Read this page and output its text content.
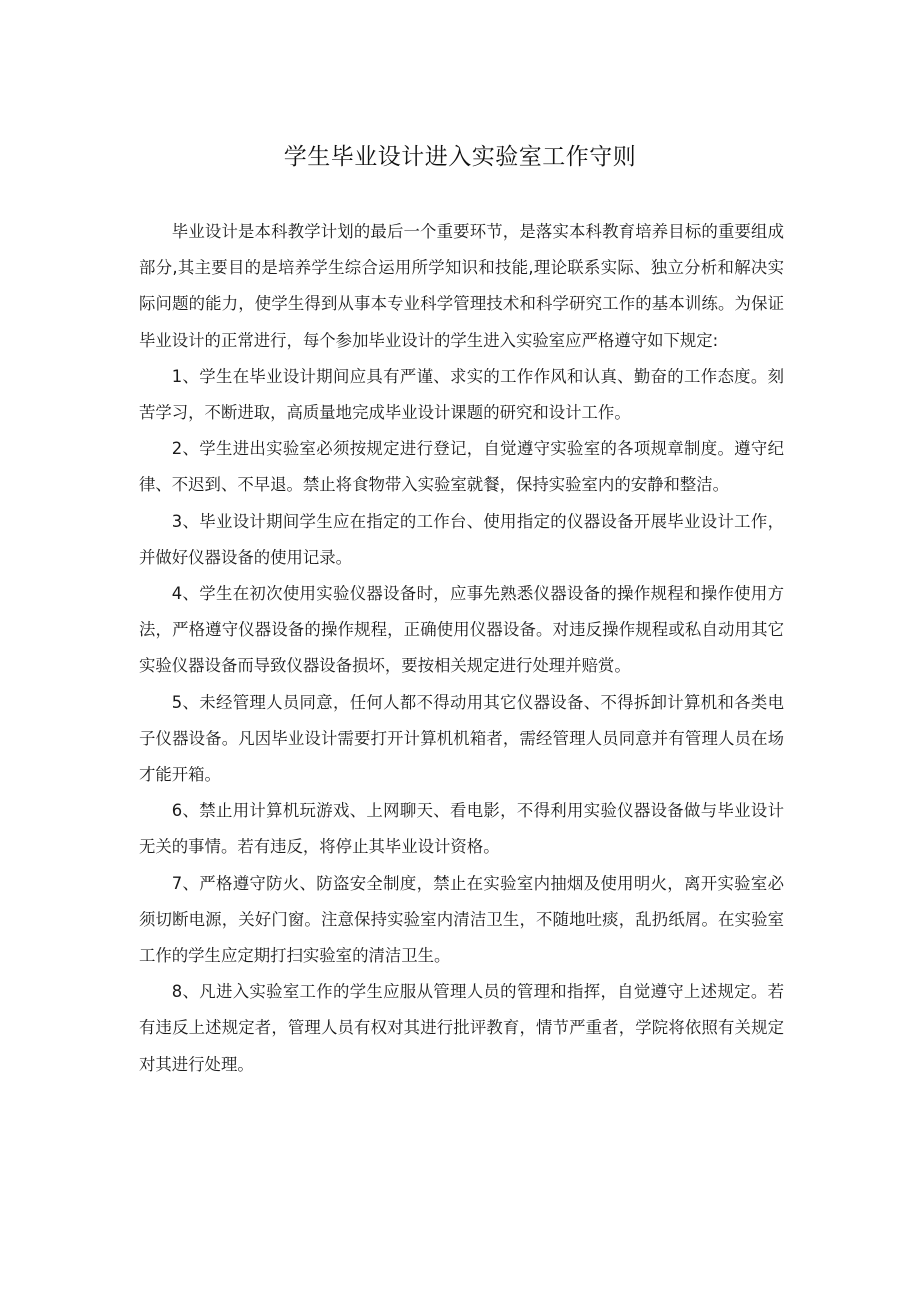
学生毕业设计进入实验室工作守则

毕业设计是本科教学计划的最后一个重要环节，是落实本科教育培养目标的重要组成部分,其主要目的是培养学生综合运用所学知识和技能,理论联系实际、独立分析和解决实际问题的能力，使学生得到从事本专业科学管理技术和科学研究工作的基本训练。为保证毕业设计的正常进行，每个参加毕业设计的学生进入实验室应严格遵守如下规定:

1、学生在毕业设计期间应具有严谨、求实的工作作风和认真、勤奋的工作态度。刻苦学习，不断进取，高质量地完成毕业设计课题的研究和设计工作。

2、学生进出实验室必须按规定进行登记，自觉遵守实验室的各项规章制度。遵守纪律、不迟到、不早退。禁止将食物带入实验室就餐，保持实验室内的安静和整洁。

3、毕业设计期间学生应在指定的工作台、使用指定的仪器设备开展毕业设计工作，并做好仪器设备的使用记录。

4、学生在初次使用实验仪器设备时，应事先熟悉仪器设备的操作规程和操作使用方法，严格遵守仪器设备的操作规程，正确使用仪器设备。对违反操作规程或私自动用其它实验仪器设备而导致仪器设备损坏，要按相关规定进行处理并赔赏。

5、未经管理人员同意，任何人都不得动用其它仪器设备、不得拆卸计算机和各类电子仪器设备。凡因毕业设计需要打开计算机机箱者，需经管理人员同意并有管理人员在场才能开箱。

6、禁止用计算机玩游戏、上网聊天、看电影，不得利用实验仪器设备做与毕业设计无关的事情。若有违反，将停止其毕业设计资格。

7、严格遵守防火、防盗安全制度，禁止在实验室内抽烟及使用明火，离开实验室必须切断电源，关好门窗。注意保持实验室内清洁卫生，不随地吐痰，乱扔纸屑。在实验室工作的学生应定期打扫实验室的清洁卫生。

8、凡进入实验室工作的学生应服从管理人员的管理和指挥，自觉遵守上述规定。若有违反上述规定者，管理人员有权对其进行批评教育，情节严重者，学院将依照有关规定对其进行处理。
